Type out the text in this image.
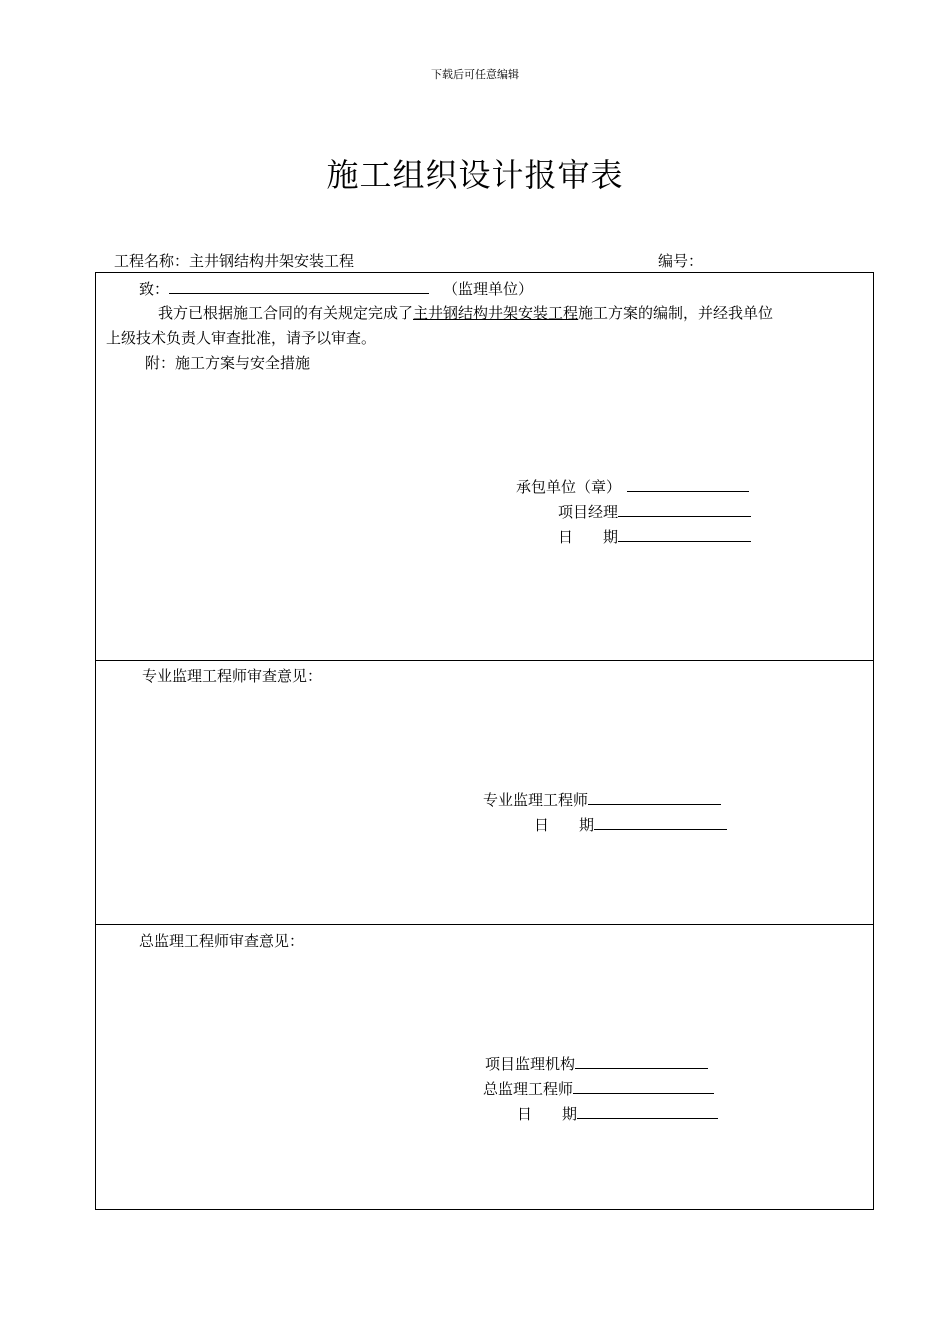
下载后可任意编辑
施工组织设计报审表
工程名称：主井钢结构井架安装工程	编号：
致：	（监理单位）
我方已根据施工合同的有关规定完成了主井钢结构井架安装工程施工方案的编制，并经我单位
上级技术负责人审查批准，请予以审查。
附：施工方案与安全措施
承包单位（章）
项目经理
日 期
专业监理工程师审查意见：
专业监理工程师
日 期
总监理工程师审查意见：
项目监理机构
总监理工程师
日 期
